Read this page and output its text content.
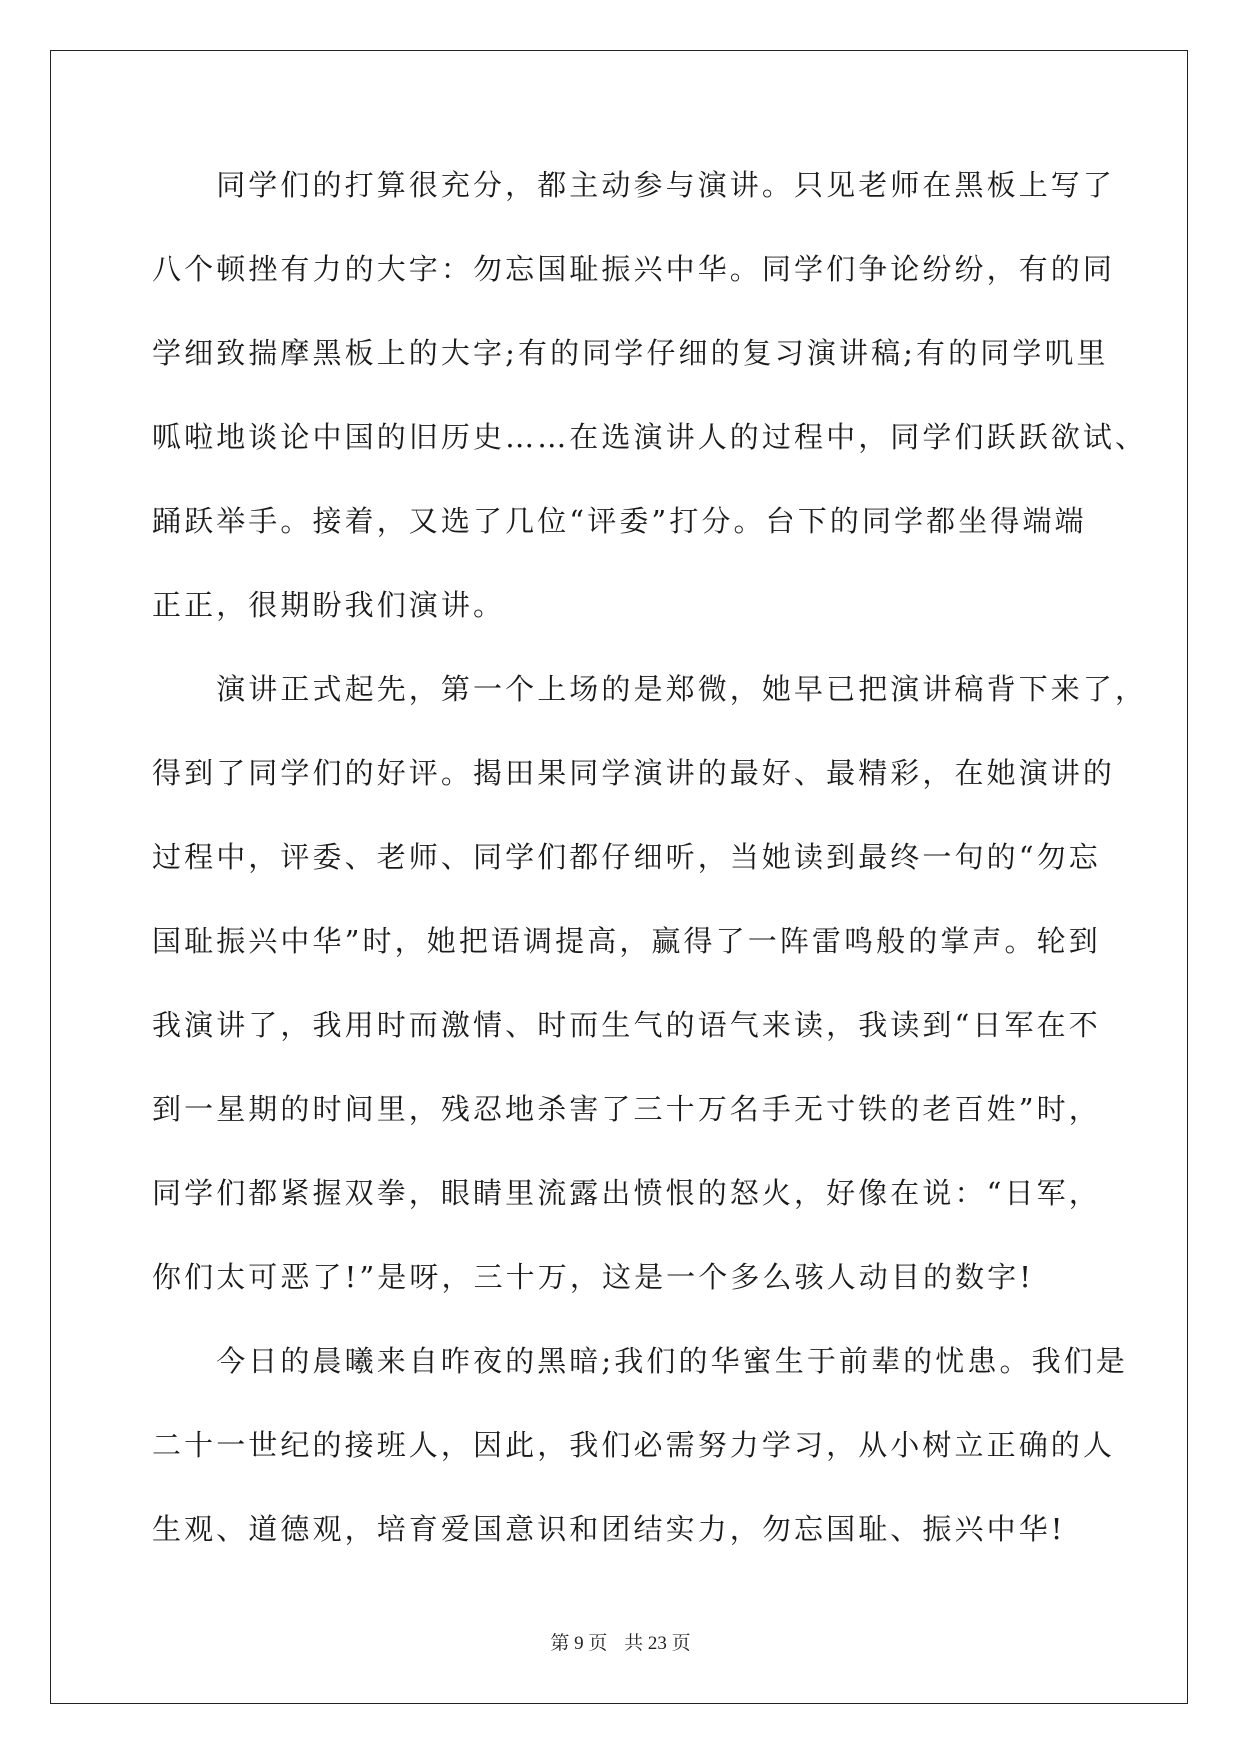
　　同学们的打算很充分，都主动参与演讲。只见老师在黑板上写了
八个顿挫有力的大字：勿忘国耻振兴中华。同学们争论纷纷，有的同
学细致揣摩黑板上的大字;有的同学仔细的复习演讲稿;有的同学叽里
呱啦地谈论中国的旧历史……在选演讲人的过程中，同学们跃跃欲试、
踊跃举手。接着，又选了几位“评委”打分。台下的同学都坐得端端
正正，很期盼我们演讲。
　　演讲正式起先，第一个上场的是郑微，她早已把演讲稿背下来了，
得到了同学们的好评。揭田果同学演讲的最好、最精彩，在她演讲的
过程中，评委、老师、同学们都仔细听，当她读到最终一句的“勿忘
国耻振兴中华”时，她把语调提高，赢得了一阵雷鸣般的掌声。轮到
我演讲了，我用时而激情、时而生气的语气来读，我读到“日军在不
到一星期的时间里，残忍地杀害了三十万名手无寸铁的老百姓”时，
同学们都紧握双拳，眼睛里流露出愤恨的怒火，好像在说：“日军，
你们太可恶了!”是呀，三十万，这是一个多么骇人动目的数字!
　　今日的晨曦来自昨夜的黑暗;我们的华蜜生于前辈的忧患。我们是
二十一世纪的接班人，因此，我们必需努力学习，从小树立正确的人
生观、道德观，培育爱国意识和团结实力，勿忘国耻、振兴中华!
第 9 页 共 23 页
